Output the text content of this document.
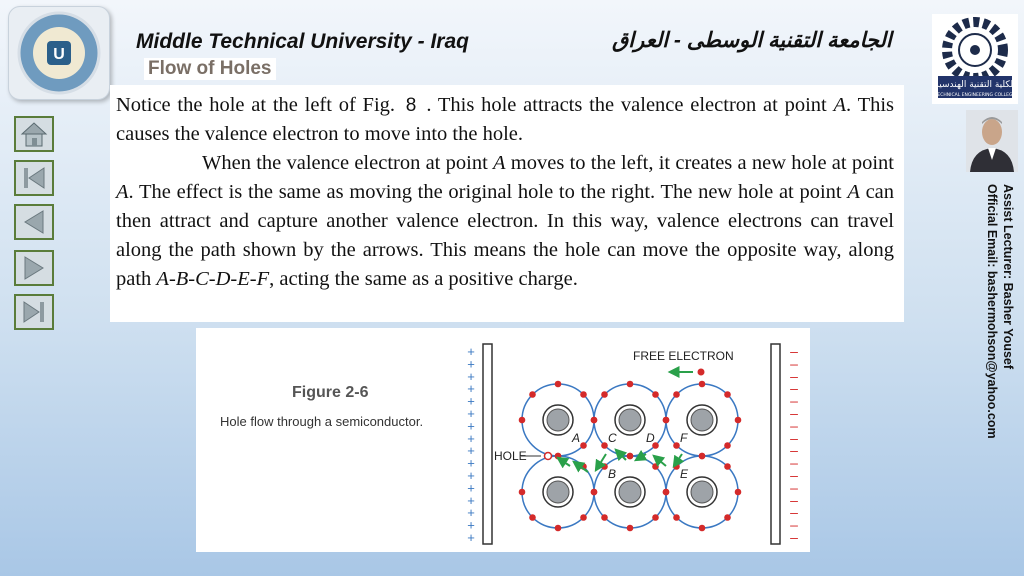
U
Middle Technical University - Iraq	الجامعة التقنية الوسطى - العراق
Flow of Holes

Notice the hole at the left of Fig. 8 . This hole attracts the valence electron at point A. This causes the valence electron to move into the hole.

When the valence electron at point A moves to the left, it creates a new hole at point A. The effect is the same as moving the original hole to the right. The new hole at point A can then attract and capture another valence electron. In this way, valence electrons can travel along the path shown by the arrows. This means the hole can move the opposite way, along path A-B-C-D-E-F, acting the same as a positive charge.

Figure 2-6
Hole flow through a semiconductor.
+
+
+
+
+
+
+
+
+
+
+
+
+
+
+
+
–
–
–
–
–
–
–
–
–
–
–
–
–
–
–
–
FREE ELECTRON
HOLE
A
B
C D
E
F
الكلية التقنية الهندسية
TECHNICAL ENGINEERING COLLEGE
Assist Lecturer: Basher Yousef
Official Email: bashermohson@yahoo.com
